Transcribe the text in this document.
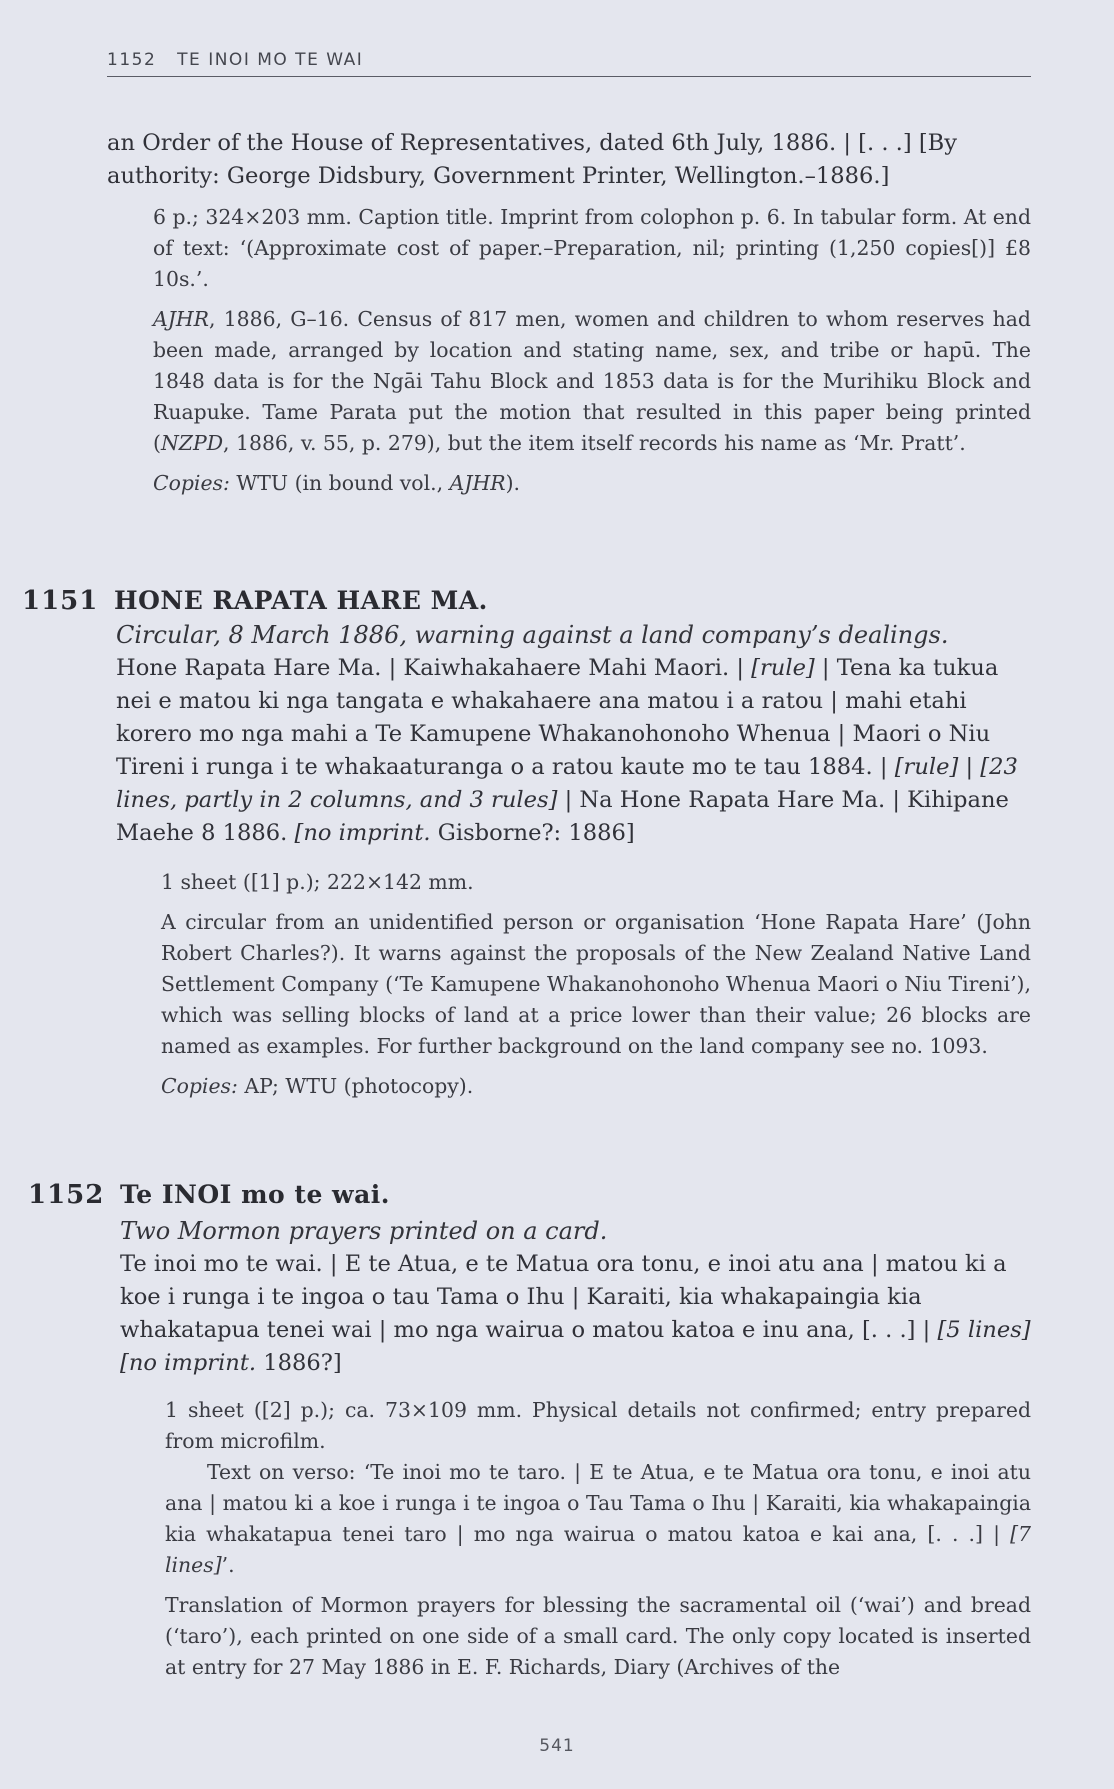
1152 TE INOI MO TE WAI
an Order of the House of Representatives, dated 6th July, 1886. | [. . .] [By authority: George Didsbury, Government Printer, Wellington.–1886.]

6 p.; 324×203 mm. Caption title. Imprint from colophon p. 6. In tabular form. At end of text: ‘(Approximate cost of paper.–Preparation, nil; printing (1,250 copies[)] £8 10s.’.

AJHR, 1886, G–16. Census of 817 men, women and children to whom reserves had been made, arranged by location and stating name, sex, and tribe or hapū. The 1848 data is for the Ngāi Tahu Block and 1853 data is for the Murihiku Block and Ruapuke. Tame Parata put the motion that resulted in this paper being printed (NZPD, 1886, v. 55, p. 279), but the item itself records his name as ‘Mr. Pratt’.

Copies: WTU (in bound vol., AJHR).

1151 HONE RAPATA HARE MA.
Circular, 8 March 1886, warning against a land company’s dealings.
Hone Rapata Hare Ma. | Kaiwhakahaere Mahi Maori. | [rule] | Tena ka tukua nei e matou ki nga tangata e whakahaere ana matou i a ratou | mahi etahi korero mo nga mahi a Te Kamupene Whakanohonoho Whenua | Maori o Niu Tireni i runga i te whakaaturanga o a ratou kaute mo te tau 1884. | [rule] | [23 lines, partly in 2 columns, and 3 rules] | Na Hone Rapata Hare Ma. | Kihipane Maehe 8 1886. [no imprint. Gisborne?: 1886]

1 sheet ([1] p.); 222×142 mm.

A circular from an unidentified person or organisation ‘Hone Rapata Hare’ (John Robert Charles?). It warns against the proposals of the New Zealand Native Land Settlement Company (‘Te Kamupene Whakanohonoho Whenua Maori o Niu Tireni’), which was selling blocks of land at a price lower than their value; 26 blocks are named as examples. For further background on the land company see no. 1093.

Copies: AP; WTU (photocopy).

1152 Te INOI mo te wai.
Two Mormon prayers printed on a card.
Te inoi mo te wai. | E te Atua, e te Matua ora tonu, e inoi atu ana | matou ki a koe i runga i te ingoa o tau Tama o Ihu | Karaiti, kia whakapaingia kia whakatapua tenei wai | mo nga wairua o matou katoa e inu ana, [. . .] | [5 lines] [no imprint. 1886?]

1 sheet ([2] p.); ca. 73×109 mm. Physical details not confirmed; entry prepared from microfilm.

Text on verso: ‘Te inoi mo te taro. | E te Atua, e te Matua ora tonu, e inoi atu ana | matou ki a koe i runga i te ingoa o Tau Tama o Ihu | Karaiti, kia whakapaingia kia whakatapua tenei taro | mo nga wairua o matou katoa e kai ana, [. . .] | [7 lines]’.

Translation of Mormon prayers for blessing the sacramental oil (‘wai’) and bread (‘taro’), each printed on one side of a small card. The only copy located is inserted at entry for 27 May 1886 in E. F. Richards, Diary (Archives of the

541
